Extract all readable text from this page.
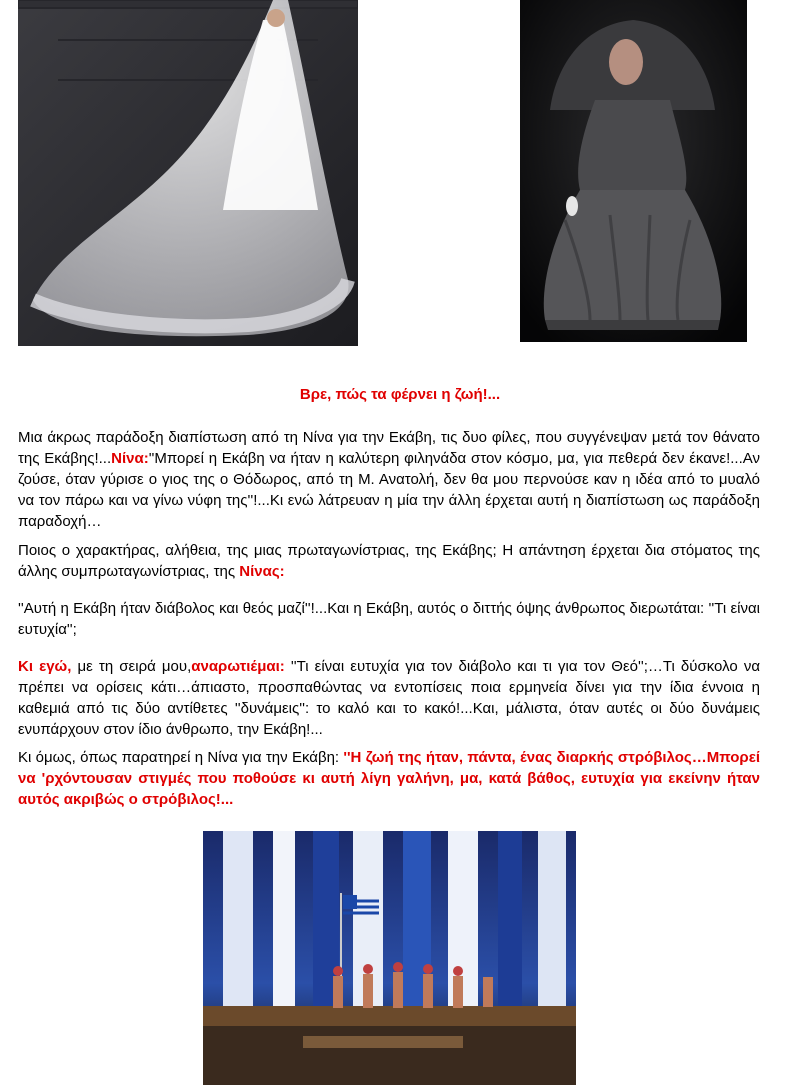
Βρε, πώς τα φέρνει η ζωή!...

Μια άκρως παράδοξη διαπίστωση από τη Νίνα για την Εκάβη, τις δυο φίλες, που συγγένεψαν μετά τον θάνατο της Εκάβης!...Νίνα:''Μπορεί η Εκάβη να ήταν η καλύτερη φιληνάδα στον κόσμο, μα, για πεθερά δεν έκανε!...Αν ζούσε, όταν γύρισε ο γιος της ο Θόδωρος, από τη Μ. Ανατολή, δεν θα μου περνούσε καν η ιδέα από το μυαλό να τον πάρω και να γίνω νύφη της''!...Κι ενώ λάτρευαν η μία την άλλη έρχεται αυτή η διαπίστωση ως παράδοξη παραδοχή…

Ποιος ο χαρακτήρας, αλήθεια, της μιας πρωταγωνίστριας, της Εκάβης; Η απάντηση έρχεται δια στόματος της άλλης συμπρωταγωνίστριας, της Νίνας:

''Αυτή η Εκάβη ήταν διάβολος και θεός μαζί''!...Και η Εκάβη, αυτός ο διττής όψης άνθρωπος διερωτάται: ''Τι είναι ευτυχία'';

Κι εγώ, με τη σειρά μου,αναρωτιέμαι: ''Τι είναι ευτυχία για τον διάβολο και τι για τον Θεό'';…Τι δύσκολο να πρέπει να ορίσεις κάτι…άπιαστο, προσπαθώντας να εντοπίσεις ποια ερμηνεία δίνει για την ίδια έννοια η καθεμιά από τις δύο αντίθετες ''δυνάμεις'': το καλό και το κακό!...Και, μάλιστα, όταν αυτές οι δύο δυνάμεις ενυπάρχουν στον ίδιο άνθρωπο, την Εκάβη!...

Κι όμως, όπως παρατηρεί η Νίνα για την Εκάβη: ''Η ζωή της ήταν, πάντα, ένας διαρκής στρόβιλος…Μπορεί να 'ρχόντουσαν στιγμές που ποθούσε κι αυτή λίγη γαλήνη, μα, κατά βάθος, ευτυχία για εκείνην ήταν αυτός ακριβώς ο στρόβιλος!...
